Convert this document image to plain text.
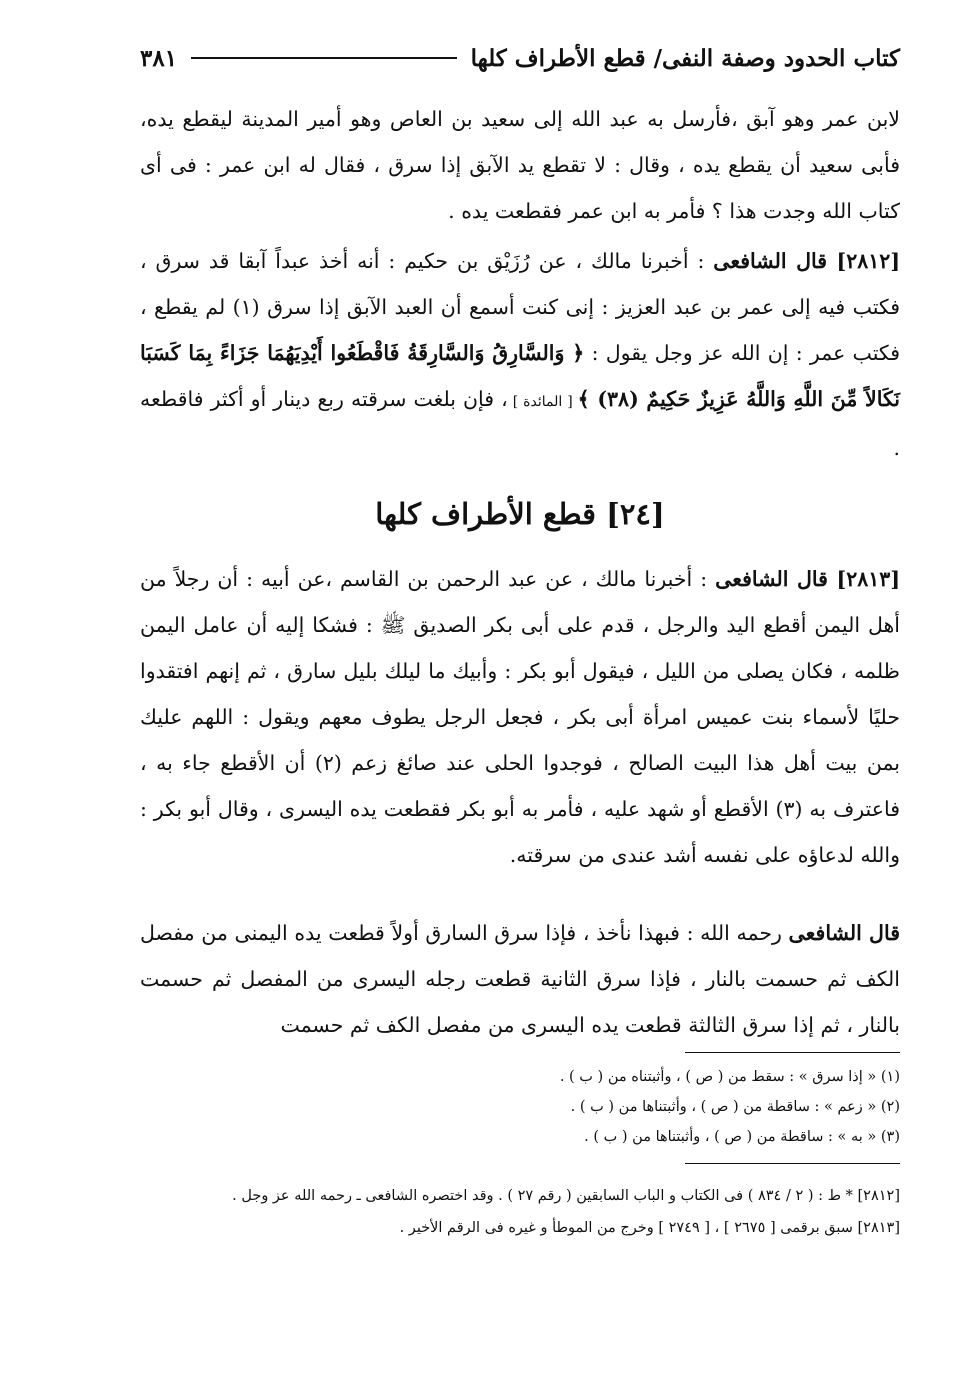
كتاب الحدود وصفة النفى/ قطع الأطراف كلها
٣٨١

لابن عمر وهو آبق ،فأرسل به عبد الله إلى سعيد بن العاص وهو أمير المدينة ليقطع يده، فأبى سعيد أن يقطع يده ، وقال : لا تقطع يد الآبق إذا سرق ، فقال له ابن عمر : فى أى كتاب الله وجدت هذا ؟ فأمر به ابن عمر فقطعت يده .

[٢٨١٢] قال الشافعى : أخبرنا مالك ، عن رُزَيْق بن حكيم : أنه أخذ عبداً آبقا قد سرق ، فكتب فيه إلى عمر بن عبد العزيز : إنى كنت أسمع أن العبد الآبق إذا سرق (١) لم يقطع ، فكتب عمر : إن الله عز وجل يقول : ﴿ وَالسَّارِقُ وَالسَّارِقَةُ فَاقْطَعُوا أَيْدِيَهُمَا جَزَاءً بِمَا كَسَبَا نَكَالاً مِّنَ اللَّهِ وَاللَّهُ عَزِيزٌ حَكِيمٌ (٣٨) ﴾ [ المائدة ] ، فإن بلغت سرقته ربع دينار أو أكثر فاقطعه .

[٢٤] قطع الأطراف كلها

[٢٨١٣] قال الشافعى : أخبرنا مالك ، عن عبد الرحمن بن القاسم ،عن أبيه : أن رجلاً من أهل اليمن أقطع اليد والرجل ، قدم على أبى بكر الصديق ﷺ : فشكا إليه أن عامل اليمن ظلمه ، فكان يصلى من الليل ، فيقول أبو بكر : وأبيك ما ليلك بليل سارق ، ثم إنهم افتقدوا حليًا لأسماء بنت عميس امرأة أبى بكر ، فجعل الرجل يطوف معهم ويقول : اللهم عليك بمن بيت أهل هذا البيت الصالح ، فوجدوا الحلى عند صائغ زعم (٢) أن الأقطع جاء به ، فاعترف به (٣) الأقطع أو شهد عليه ، فأمر به أبو بكر فقطعت يده اليسرى ، وقال أبو بكر : والله لدعاؤه على نفسه أشد عندى من سرقته.

قال الشافعى رحمه الله : فبهذا نأخذ ، فإذا سرق السارق أولاً قطعت يده اليمنى من مفصل الكف ثم حسمت بالنار ، فإذا سرق الثانية قطعت رجله اليسرى من المفصل ثم حسمت بالنار ، ثم إذا سرق الثالثة قطعت يده اليسرى من مفصل الكف ثم حسمت

(١) « إذا سرق » : سقط من ( ص ) ، وأثبتناه من ( ب ) .
(٢) « زعم » : ساقطة من ( ص ) ، وأثبتناها من ( ب ) .
(٣) « به » : ساقطة من ( ص ) ، وأثبتناها من ( ب ) .

[٢٨١٢] * ط : ( ٢ / ٨٣٤ ) فى الكتاب و الباب السابقين ( رقم ٢٧ ) . وقد اختصره الشافعى ـ رحمه الله عز وجل .

[٢٨١٣] سبق برقمى [ ٢٦٧٥ ] ، [ ٢٧٤٩ ] وخرج من الموطأ و غيره فى الرقم الأخير .
